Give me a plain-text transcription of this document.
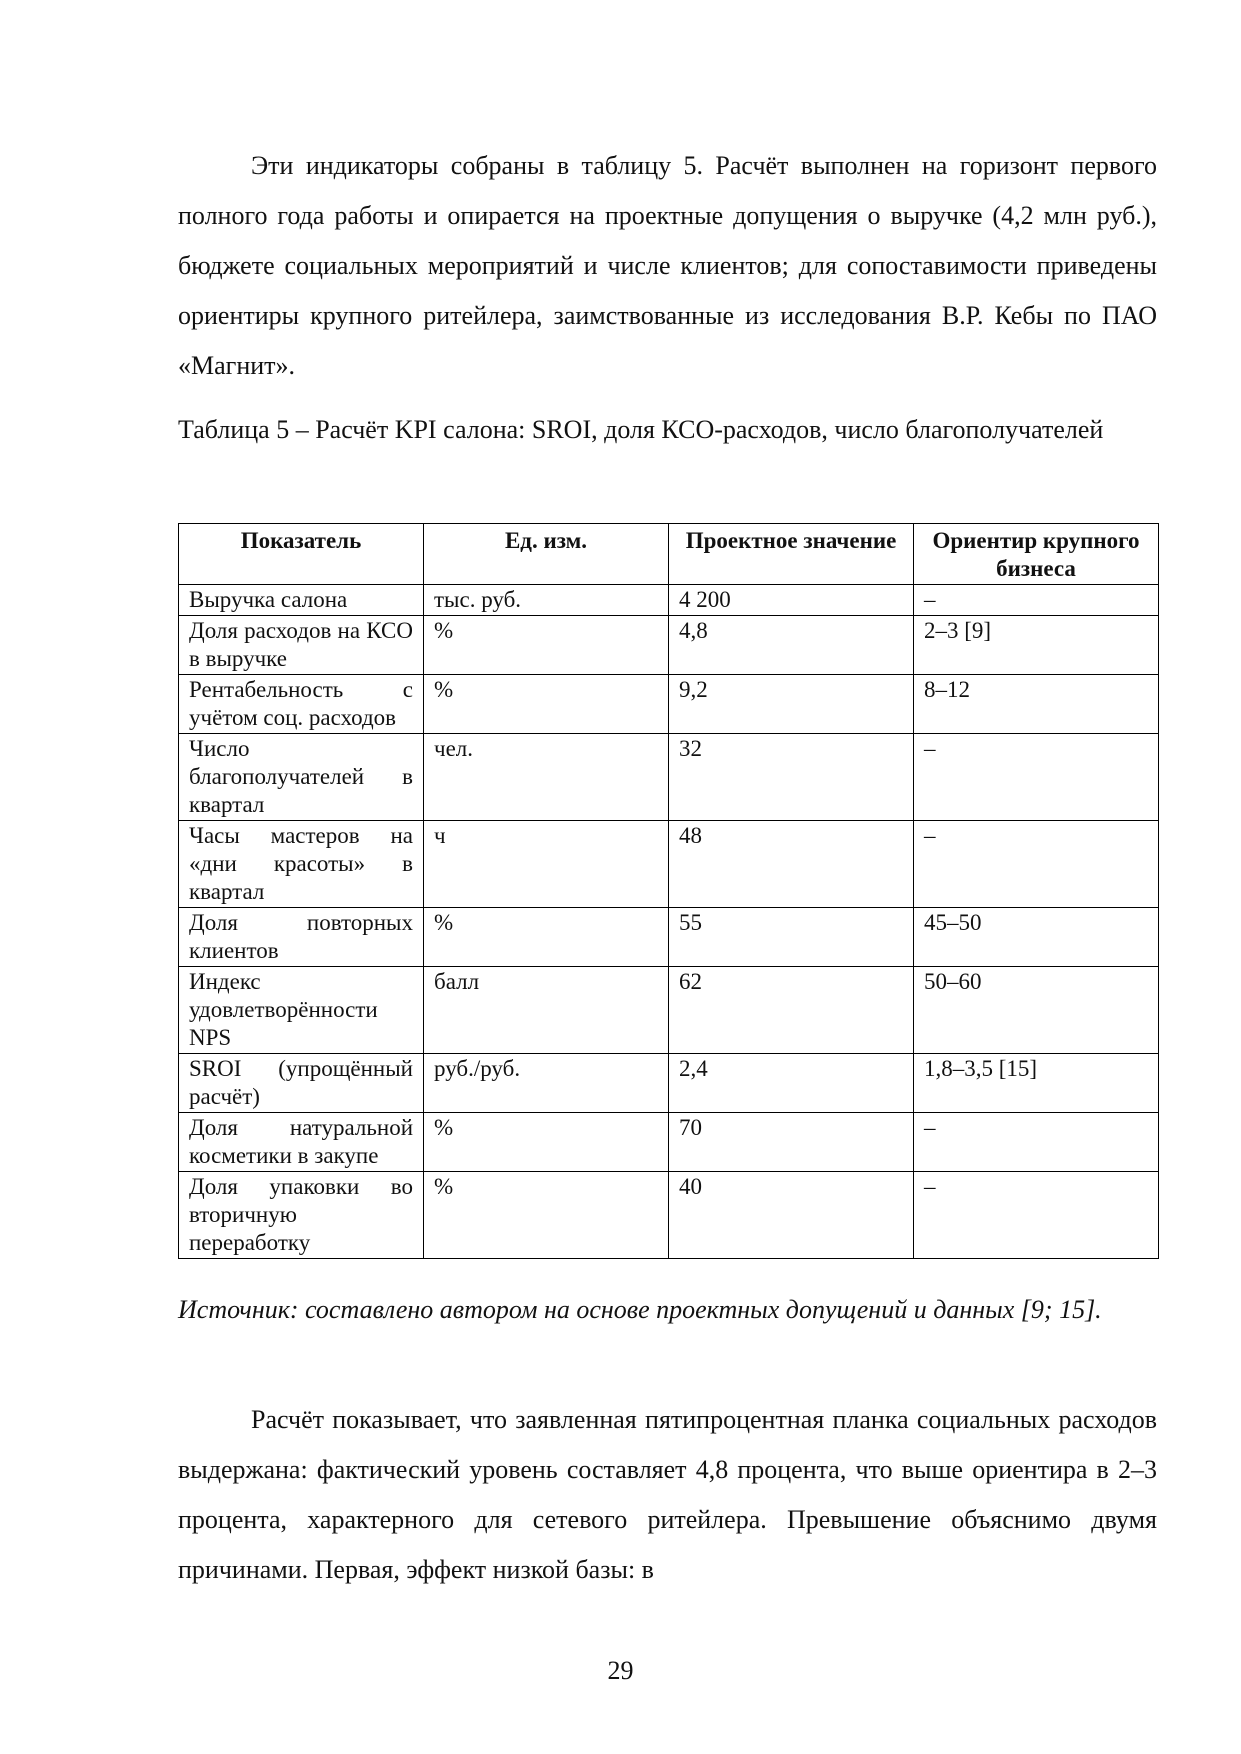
Эти индикаторы собраны в таблицу 5. Расчёт выполнен на горизонт первого полного года работы и опирается на проектные допущения о выручке (4,2 млн руб.), бюджете социальных мероприятий и числе клиентов; для сопоставимости приведены ориентиры крупного ритейлера, заимствованные из исследования В.Р. Кебы по ПАО «Магнит».

Таблица 5 – Расчёт KPI салона: SROI, доля КСО-расходов, число благополучателей

Показатель	Ед. изм.	Проектное значение	Ориентир крупного бизнеса
Выручка салона	тыс. руб.	4 200	–
Доля расходов на КСО в выручке	%	4,8	2–3 [9]
Рентабельность с учётом соц. расходов	%	9,2	8–12
Число благополучателей в квартал	чел.	32	–
Часы мастеров на «дни красоты» в квартал	ч	48	–
Доля повторных клиентов	%	55	45–50
Индекс удовлетворённости NPS	балл	62	50–60
SROI (упрощённый расчёт)	руб./руб.	2,4	1,8–3,5 [15]
Доля натуральной косметики в закупе	%	70	–
Доля упаковки во вторичную переработку	%	40	–

Источник: составлено автором на основе проектных допущений и данных [9; 15].

Расчёт показывает, что заявленная пятипроцентная планка социальных расходов выдержана: фактический уровень составляет 4,8 процента, что выше ориентира в 2–3 процента, характерного для сетевого ритейлера. Превышение объяснимо двумя причинами. Первая, эффект низкой базы: в

29
